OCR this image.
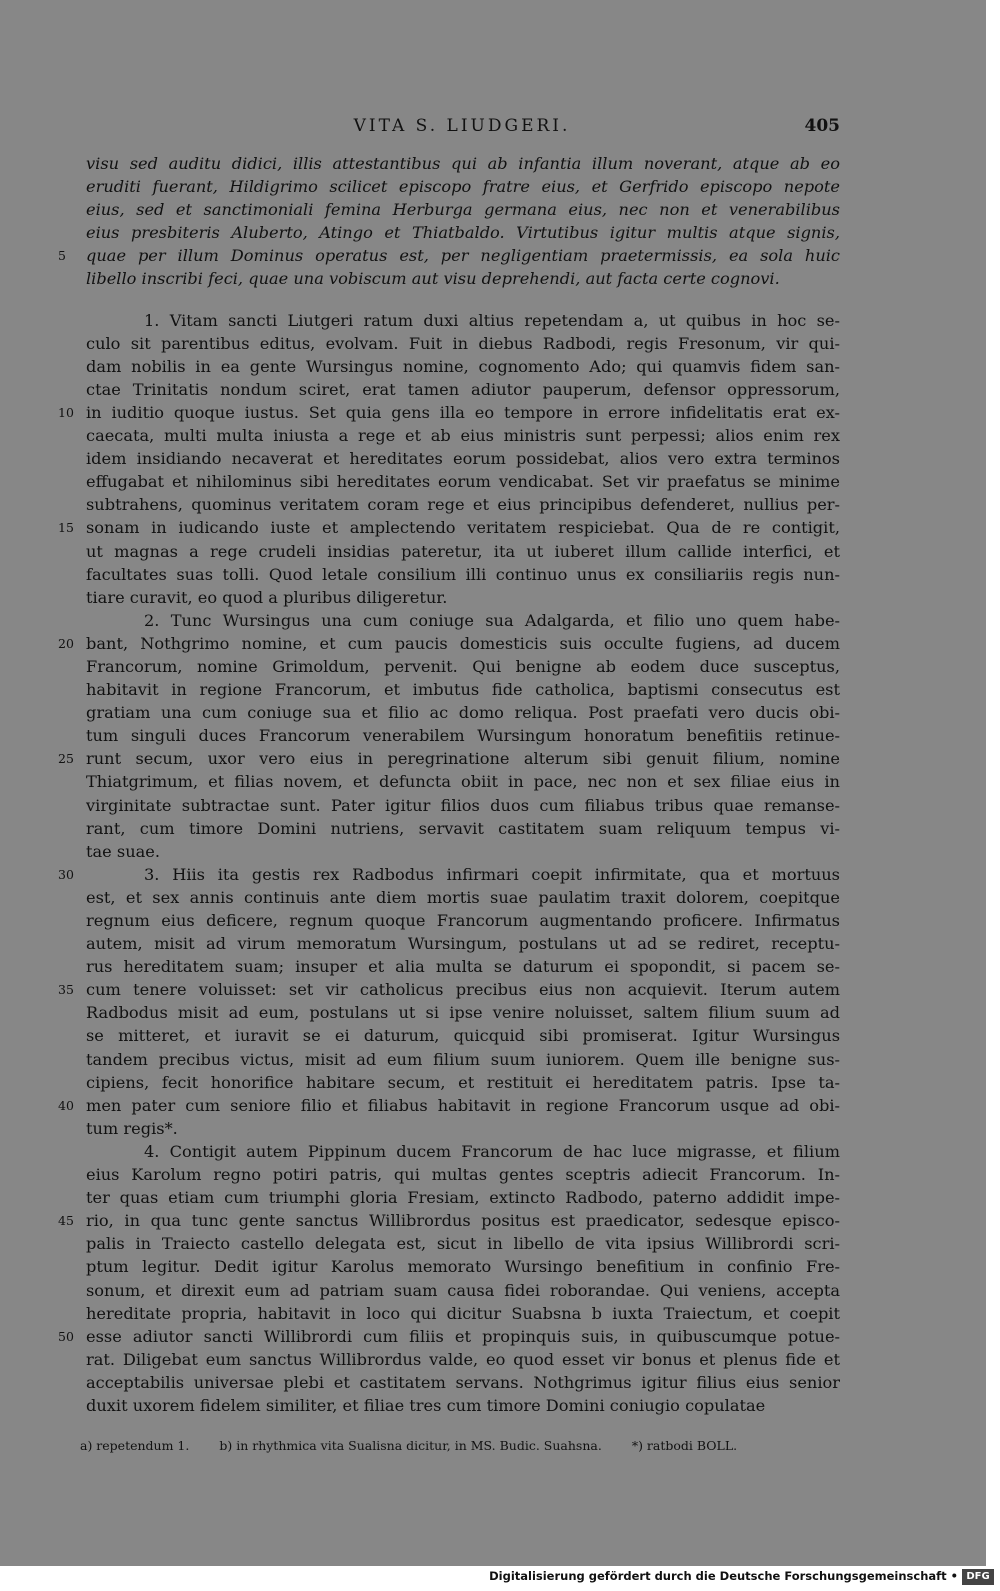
VITA S. LIUDGERI.	405
visu sed auditu didici, illis attestantibus qui ab infantia illum noverant, atque ab eo
eruditi fuerant, Hildigrimo scilicet episcopo fratre eius, et Gerfrido episcopo nepote
eius, sed et sanctimoniali femina Herburga germana eius, nec non et venerabilibus
eius presbiteris Aluberto, Atingo et Thiatbaldo. Virtutibus igitur multis atque signis,
5	quae per illum Dominus operatus est, per negligentiam praetermissis, ea sola huic
libello inscribi feci, quae una vobiscum aut visu deprehendi, aut facta certe cognovi.
1. Vitam sancti Liutgeri ratum duxi altius repetendam a, ut quibus in hoc se-
culo sit parentibus editus, evolvam. Fuit in diebus Radbodi, regis Fresonum, vir qui-
dam nobilis in ea gente Wursingus nomine, cognomento Ado; qui quamvis fidem san-
ctae Trinitatis nondum sciret, erat tamen adiutor pauperum, defensor oppressorum,
10 in iuditio quoque iustus. Set quia gens illa eo tempore in errore infidelitatis erat ex-
caecata, multi multa iniusta a rege et ab eius ministris sunt perpessi; alios enim rex
idem insidiando necaverat et hereditates eorum possidebat, alios vero extra terminos
effugabat et nihilominus sibi hereditates eorum vendicabat. Set vir praefatus se minime
subtrahens, quominus veritatem coram rege et eius principibus defenderet, nullius per-
15 sonam in iudicando iuste et amplectendo veritatem respiciebat. Qua de re contigit,
ut magnas a rege crudeli insidias pateretur, ita ut iuberet illum callide interfici, et
facultates suas tolli. Quod letale consilium illi continuo unus ex consiliariis regis nun-
tiare curavit, eo quod a pluribus diligeretur.
2. Tunc Wursingus una cum coniuge sua Adalgarda, et filio uno quem habe-
20 bant, Nothgrimo nomine, et cum paucis domesticis suis occulte fugiens, ad ducem
Francorum, nomine Grimoldum, pervenit. Qui benigne ab eodem duce susceptus,
habitavit in regione Francorum, et imbutus fide catholica, baptismi consecutus est
gratiam una cum coniuge sua et filio ac domo reliqua. Post praefati vero ducis obi-
tum singuli duces Francorum venerabilem Wursingum honoratum benefitiis retinue-
25 runt secum, uxor vero eius in peregrinatione alterum sibi genuit filium, nomine
Thiatgrimum, et filias novem, et defuncta obiit in pace, nec non et sex filiae eius in
virginitate subtractae sunt. Pater igitur filios duos cum filiabus tribus quae remanse-
rant, cum timore Domini nutriens, servavit castitatem suam reliquum tempus vi-
tae suae.
30	3. Hiis ita gestis rex Radbodus infirmari coepit infirmitate, qua et mortuus
est, et sex annis continuis ante diem mortis suae paulatim traxit dolorem, coepitque
regnum eius deficere, regnum quoque Francorum augmentando proficere. Infirmatus
autem, misit ad virum memoratum Wursingum, postulans ut ad se rediret, receptu-
rus hereditatem suam; insuper et alia multa se daturum ei spopondit, si pacem se-
35 cum tenere voluisset: set vir catholicus precibus eius non acquievit. Iterum autem
Radbodus misit ad eum, postulans ut si ipse venire noluisset, saltem filium suum ad
se mitteret, et iuravit se ei daturum, quicquid sibi promiserat. Igitur Wursingus
tandem precibus victus, misit ad eum filium suum iuniorem. Quem ille benigne sus-
cipiens, fecit honorifice habitare secum, et restituit ei hereditatem patris. Ipse ta-
40 men pater cum seniore filio et filiabus habitavit in regione Francorum usque ad obi-
tum regis*.
4. Contigit autem Pippinum ducem Francorum de hac luce migrasse, et filium
eius Karolum regno potiri patris, qui multas gentes sceptris adiecit Francorum. In-
ter quas etiam cum triumphi gloria Fresiam, extincto Radbodo, paterno addidit impe-
45 rio, in qua tunc gente sanctus Willibrordus positus est praedicator, sedesque episco-
palis in Traiecto castello delegata est, sicut in libello de vita ipsius Willibrordi scri-
ptum legitur. Dedit igitur Karolus memorato Wursingo benefitium in confinio Fre-
sonum, et direxit eum ad patriam suam causa fidei roborandae. Qui veniens, accepta
hereditate propria, habitavit in loco qui dicitur Suabsna b iuxta Traiectum, et coepit
50 esse adiutor sancti Willibrordi cum filiis et propinquis suis, in quibuscumque potue-
rat. Diligebat eum sanctus Willibrordus valde, eo quod esset vir bonus et plenus fide et
acceptabilis universae plebi et castitatem servans. Nothgrimus igitur filius eius senior
duxit uxorem fidelem similiter, et filiae tres cum timore Domini coniugio copulatae
a) repetendum 1. b) in rhythmica vita Sualisna dicitur, in MS. Budic. Suahsna. *) ratbodi BOLL.
Digitalisierung gefördert durch die Deutsche Forschungsgemeinschaft • DFG
